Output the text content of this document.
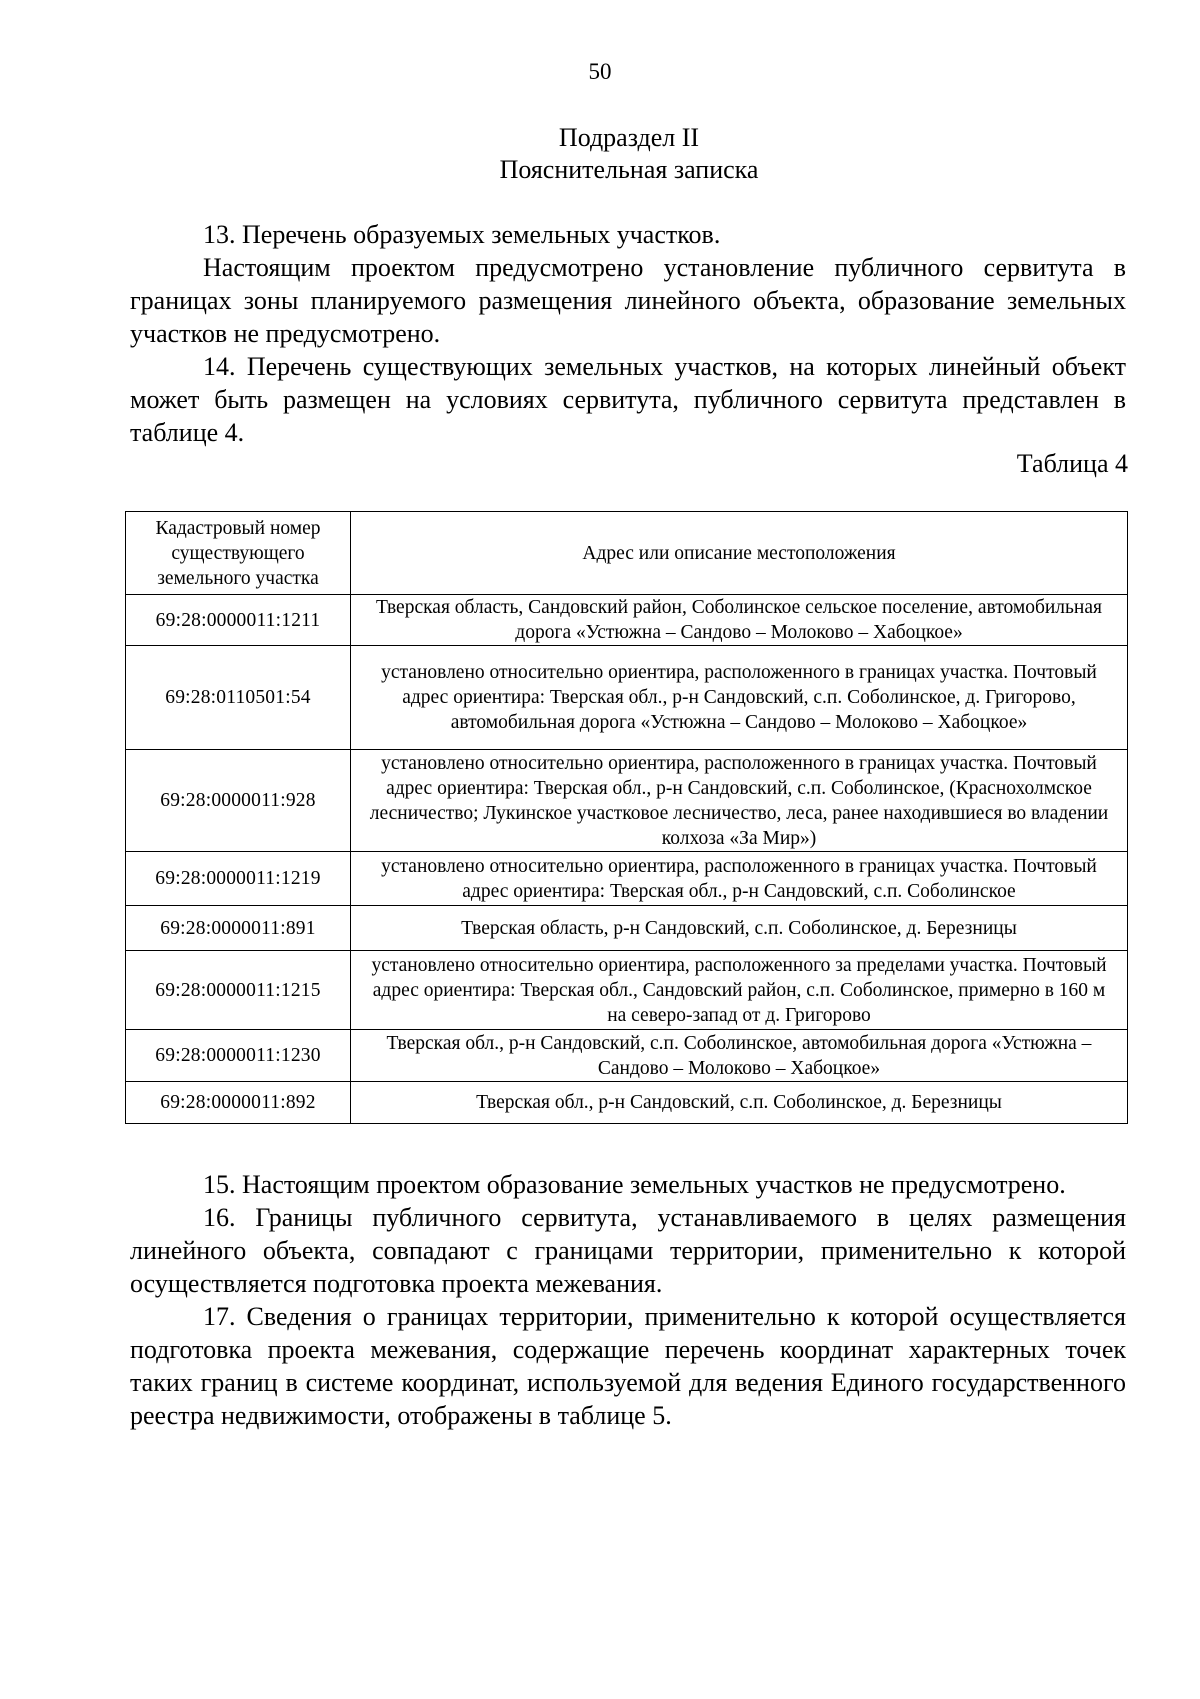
50
Подраздел II
Пояснительная записка

13. Перечень образуемых земельных участков.

Настоящим проектом предусмотрено установление публичного сервитута в границах зоны планируемого размещения линейного объекта, образование земельных участков не предусмотрено.

14. Перечень существующих земельных участков, на которых линейный объект может быть размещен на условиях сервитута, публичного сервитута представлен в таблице 4.

Таблица 4
Кадастровый номер существующего земельного участка	Адрес или описание местоположения
69:28:0000011:1211	Тверская область, Сандовский район, Соболинское сельское поселение, автомобильная дорога «Устюжна – Сандово – Молоково – Хабоцкое»
69:28:0110501:54	установлено относительно ориентира, расположенного в границах участка. Почтовый адрес ориентира: Тверская обл., р-н Сандовский, с.п. Соболинское, д. Григорово, автомобильная дорога «Устюжна – Сандово – Молоково – Хабоцкое»
69:28:0000011:928	установлено относительно ориентира, расположенного в границах участка. Почтовый адрес ориентира: Тверская обл., р-н Сандовский, с.п. Соболинское, (Краснохолмское лесничество; Лукинское участковое лесничество, леса, ранее находившиеся во владении колхоза «За Мир»)
69:28:0000011:1219	установлено относительно ориентира, расположенного в границах участка. Почтовый адрес ориентира: Тверская обл., р-н Сандовский, с.п. Соболинское
69:28:0000011:891	Тверская область, р-н Сандовский, с.п. Соболинское, д. Березницы
69:28:0000011:1215	установлено относительно ориентира, расположенного за пределами участка. Почтовый адрес ориентира: Тверская обл., Сандовский район, с.п. Соболинское, примерно в 160 м на северо-запад от д. Григорово
69:28:0000011:1230	Тверская обл., р-н Сандовский, с.п. Соболинское, автомобильная дорога «Устюжна – Сандово – Молоково – Хабоцкое»
69:28:0000011:892	Тверская обл., р-н Сандовский, с.п. Соболинское, д. Березницы

15. Настоящим проектом образование земельных участков не предусмотрено.

16. Границы публичного сервитута, устанавливаемого в целях размещения линейного объекта, совпадают с границами территории, применительно к которой осуществляется подготовка проекта межевания.

17. Сведения о границах территории, применительно к которой осуществляется подготовка проекта межевания, содержащие перечень координат характерных точек таких границ в системе координат, используемой для ведения Единого государственного реестра недвижимости, отображены в таблице 5.
